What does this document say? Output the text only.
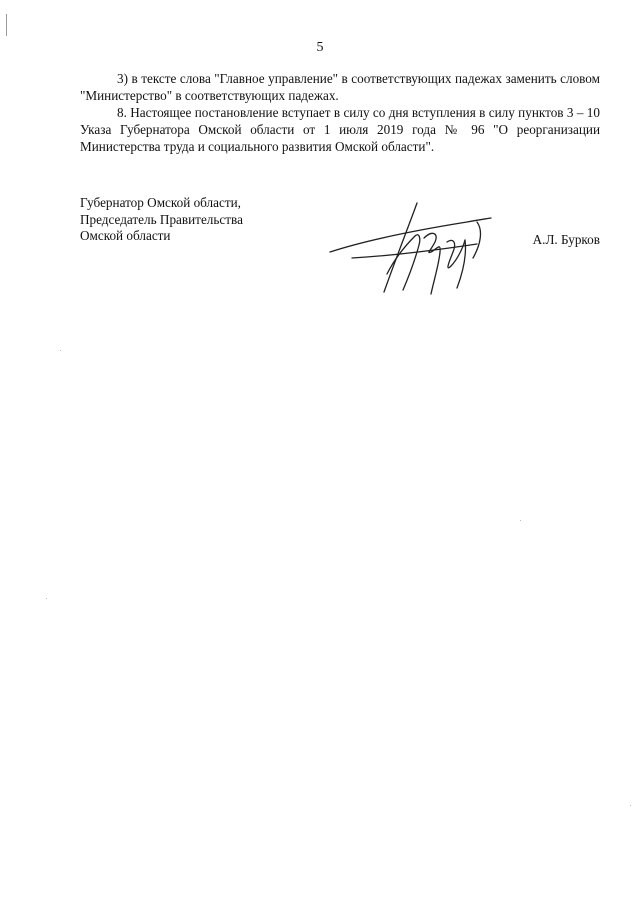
5

3) в тексте слова "Главное управление" в соответствующих падежах заменить словом "Министерство" в соответствующих падежах.

8. Настоящее постановление вступает в силу со дня вступления в силу пунктов 3 – 10 Указа Губернатора Омской области от 1 июля 2019 года № 96 "О реорганизации Министерства труда и социального развития Омской области".

Губернатор Омской области,
Председатель Правительства
Омской области	А.Л. Бурков
